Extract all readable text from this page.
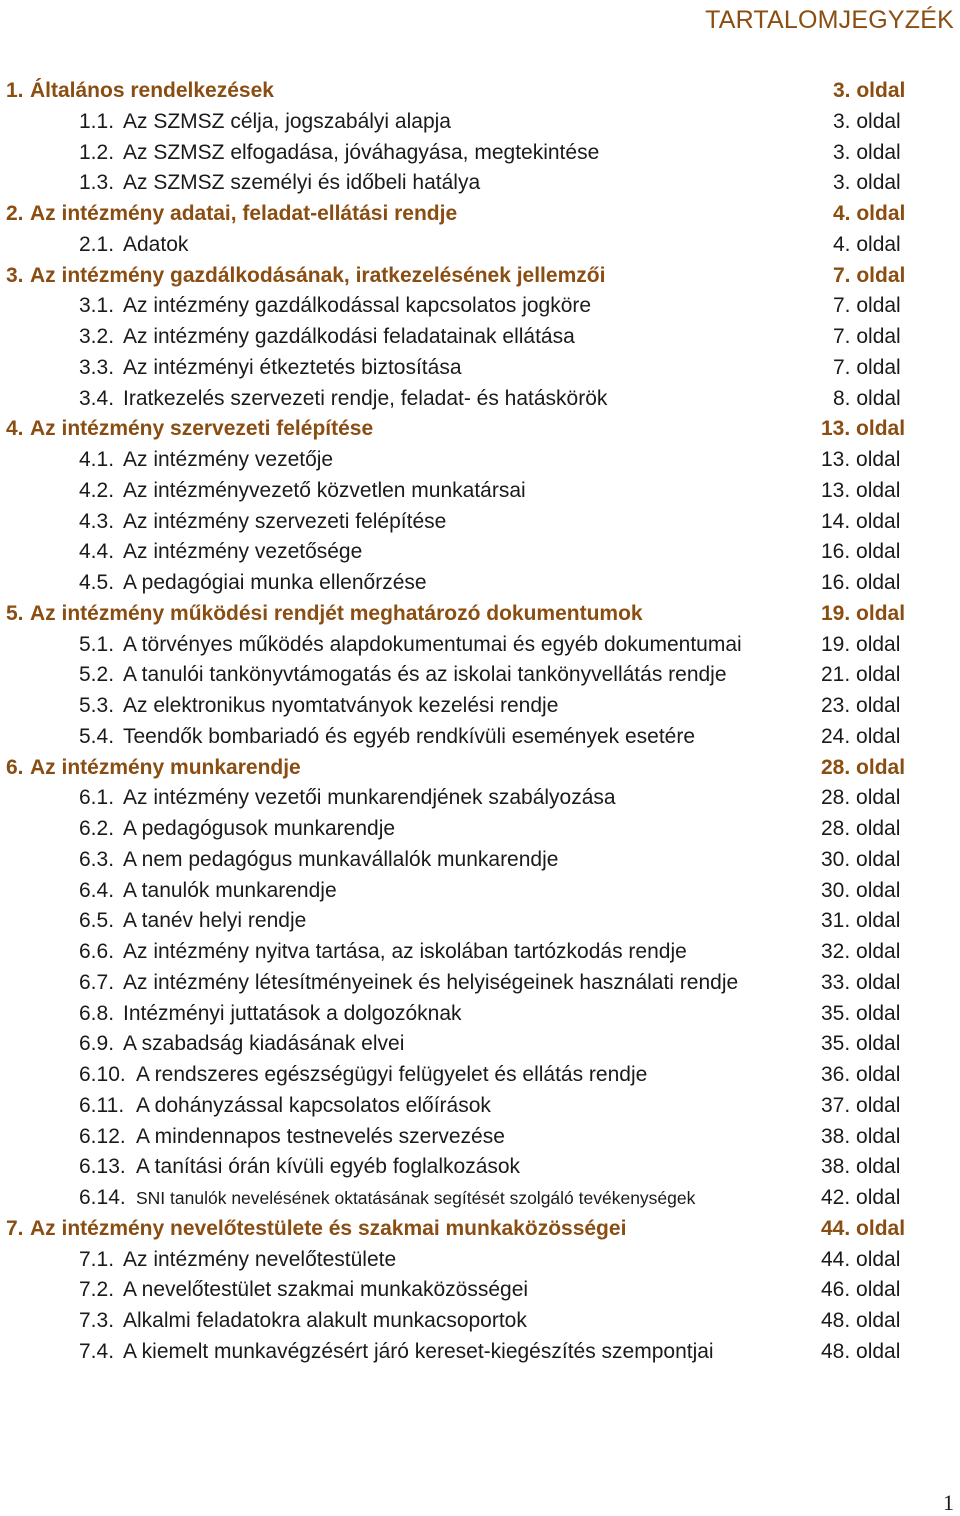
TARTALOMJEGYZÉK
1. Általános rendelkezések	3. oldal
1.1. Az SZMSZ célja, jogszabályi alapja	3. oldal
1.2. Az SZMSZ elfogadása, jóváhagyása, megtekintése	3. oldal
1.3. Az SZMSZ személyi és időbeli hatálya	3. oldal
2. Az intézmény adatai, feladat-ellátási rendje	4. oldal
2.1. Adatok	4. oldal
3. Az intézmény gazdálkodásának, iratkezelésének jellemzői	7. oldal
3.1. Az intézmény gazdálkodással kapcsolatos jogköre	7. oldal
3.2. Az intézmény gazdálkodási feladatainak ellátása	7. oldal
3.3. Az intézményi étkeztetés biztosítása	7. oldal
3.4. Iratkezelés szervezeti rendje, feladat- és hatáskörök	8. oldal
4. Az intézmény szervezeti felépítése	13. oldal
4.1. Az intézmény vezetője	13. oldal
4.2. Az intézményvezető közvetlen munkatársai	13. oldal
4.3. Az intézmény szervezeti felépítése	14. oldal
4.4. Az intézmény vezetősége	16. oldal
4.5. A pedagógiai munka ellenőrzése	16. oldal
5. Az intézmény működési rendjét meghatározó dokumentumok	19. oldal
5.1. A törvényes működés alapdokumentumai és egyéb dokumentumai	19. oldal
5.2. A tanulói tankönyvtámogatás és az iskolai tankönyvellátás rendje	21. oldal
5.3. Az elektronikus nyomtatványok kezelési rendje	23. oldal
5.4. Teendők bombariadó és egyéb rendkívüli események esetére	24. oldal
6. Az intézmény munkarendje	28. oldal
6.1. Az intézmény vezetői munkarendjének szabályozása	28. oldal
6.2. A pedagógusok munkarendje	28. oldal
6.3. A nem pedagógus munkavállalók munkarendje	30. oldal
6.4. A tanulók munkarendje	30. oldal
6.5. A tanév helyi rendje	31. oldal
6.6. Az intézmény nyitva tartása, az iskolában tartózkodás rendje	32. oldal
6.7. Az intézmény létesítményeinek és helyiségeinek használati rendje	33. oldal
6.8. Intézményi juttatások a dolgozóknak	35. oldal
6.9. A szabadság kiadásának elvei	35. oldal
6.10. A rendszeres egészségügyi felügyelet és ellátás rendje	36. oldal
6.11. A dohányzással kapcsolatos előírások	37. oldal
6.12. A mindennapos testnevelés szervezése	38. oldal
6.13. A tanítási órán kívüli egyéb foglalkozások	38. oldal
6.14. SNI tanulók nevelésének oktatásának segítését szolgáló tevékenységek	42. oldal
7. Az intézmény nevelőtestülete és szakmai munkaközösségei	44. oldal
7.1. Az intézmény nevelőtestülete	44. oldal
7.2. A nevelőtestület szakmai munkaközösségei	46. oldal
7.3. Alkalmi feladatokra alakult munkacsoportok	48. oldal
7.4. A kiemelt munkavégzésért járó kereset-kiegészítés szempontjai	48. oldal
1
